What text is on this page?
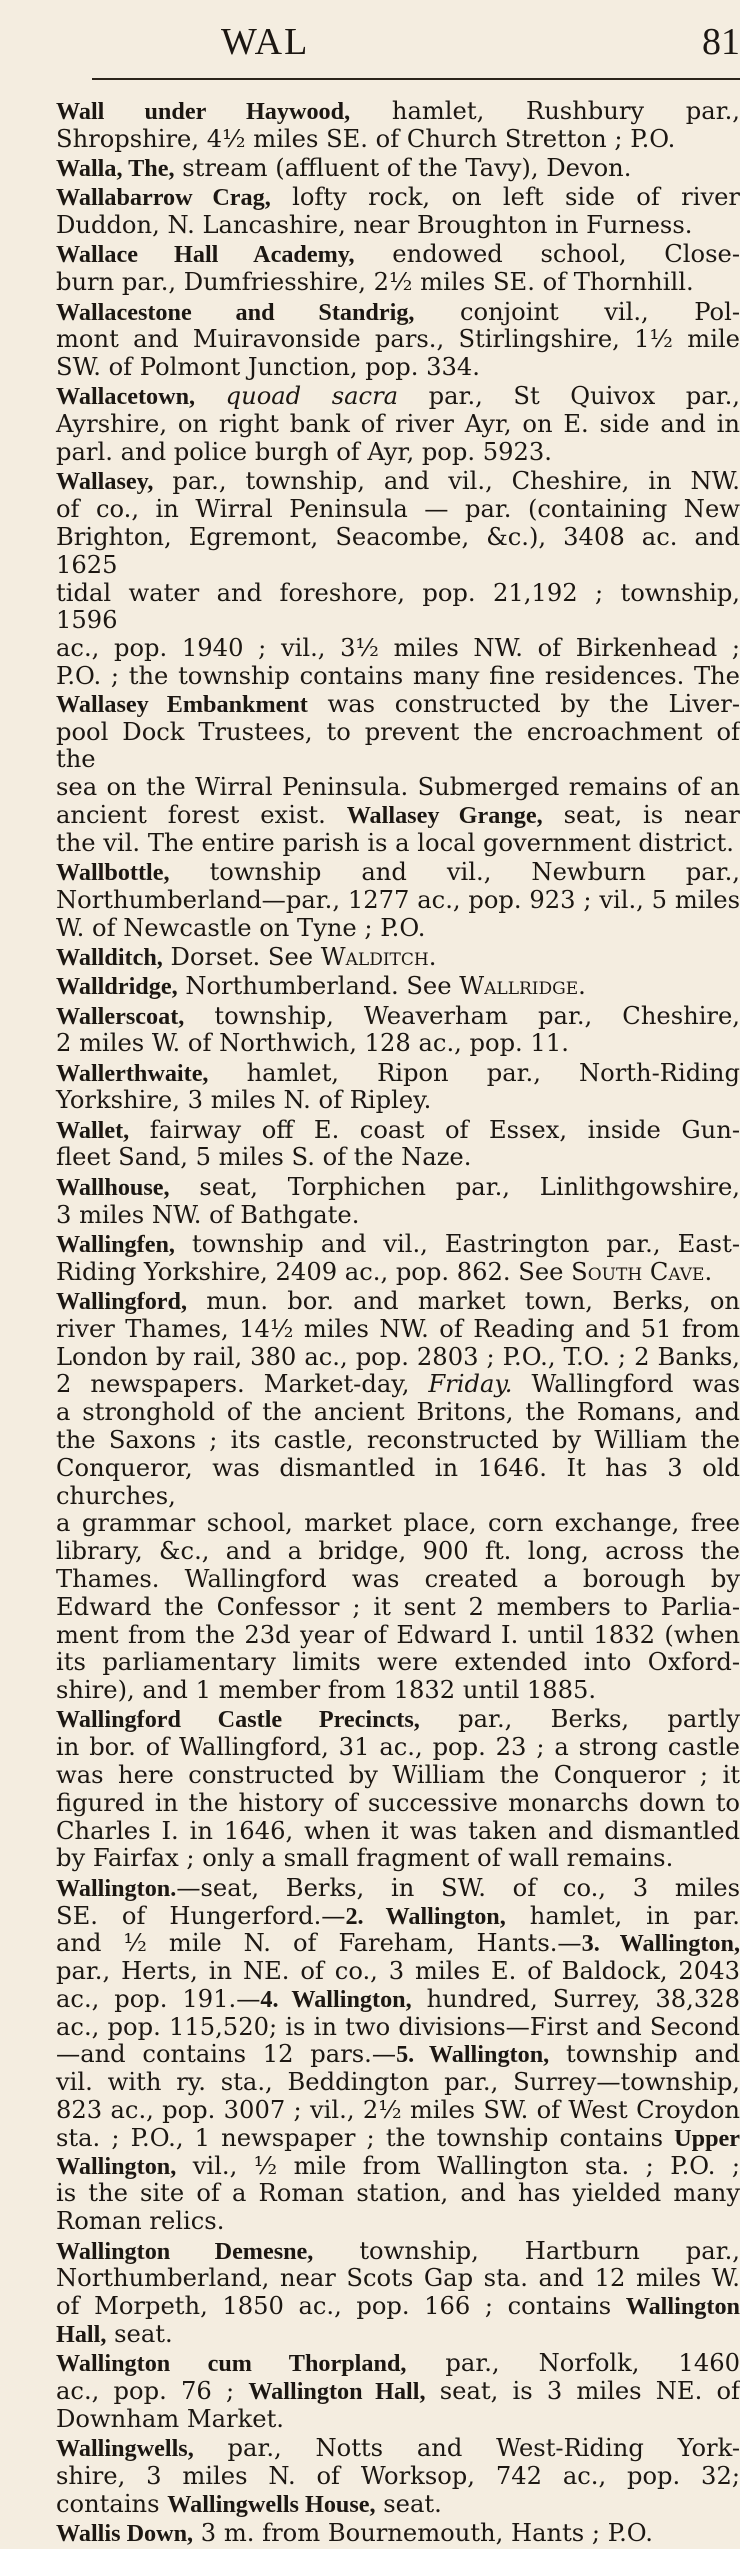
WAL	81
Wall under Haywood, hamlet, Rushbury par.,
Shropshire, 4½ miles SE. of Church Stretton ; P.O.
Walla, The, stream (affluent of the Tavy), Devon.
Wallabarrow Crag, lofty rock, on left side of river
Duddon, N. Lancashire, near Broughton in Furness.
Wallace Hall Academy, endowed school, Close-
burn par., Dumfriesshire, 2½ miles SE. of Thornhill.
Wallacestone and Standrig, conjoint vil., Pol-
mont and Muiravonside pars., Stirlingshire, 1½ mile
SW. of Polmont Junction, pop. 334.
Wallacetown, quoad sacra par., St Quivox par.,
Ayrshire, on right bank of river Ayr, on E. side and in
parl. and police burgh of Ayr, pop. 5923.
Wallasey, par., township, and vil., Cheshire, in NW.
of co., in Wirral Peninsula — par. (containing New
Brighton, Egremont, Seacombe, &c.), 3408 ac. and 1625
tidal water and foreshore, pop. 21,192 ; township, 1596
ac., pop. 1940 ; vil., 3½ miles NW. of Birkenhead ;
P.O. ; the township contains many fine residences. The
Wallasey Embankment was constructed by the Liver-
pool Dock Trustees, to prevent the encroachment of the
sea on the Wirral Peninsula. Submerged remains of an
ancient forest exist. Wallasey Grange, seat, is near
the vil. The entire parish is a local government district.
Wallbottle, township and vil., Newburn par.,
Northumberland—par., 1277 ac., pop. 923 ; vil., 5 miles
W. of Newcastle on Tyne ; P.O.
Wallditch, Dorset. See Walditch.
Walldridge, Northumberland. See Wallridge.
Wallerscoat, township, Weaverham par., Cheshire,
2 miles W. of Northwich, 128 ac., pop. 11.
Wallerthwaite, hamlet, Ripon par., North-Riding
Yorkshire, 3 miles N. of Ripley.
Wallet, fairway off E. coast of Essex, inside Gun-
fleet Sand, 5 miles S. of the Naze.
Wallhouse, seat, Torphichen par., Linlithgowshire,
3 miles NW. of Bathgate.
Wallingfen, township and vil., Eastrington par., East-
Riding Yorkshire, 2409 ac., pop. 862. See South Cave.
Wallingford, mun. bor. and market town, Berks, on
river Thames, 14½ miles NW. of Reading and 51 from
London by rail, 380 ac., pop. 2803 ; P.O., T.O. ; 2 Banks,
2 newspapers. Market-day, Friday. Wallingford was
a stronghold of the ancient Britons, the Romans, and
the Saxons ; its castle, reconstructed by William the
Conqueror, was dismantled in 1646. It has 3 old churches,
a grammar school, market place, corn exchange, free
library, &c., and a bridge, 900 ft. long, across the
Thames. Wallingford was created a borough by
Edward the Confessor ; it sent 2 members to Parlia-
ment from the 23d year of Edward I. until 1832 (when
its parliamentary limits were extended into Oxford-
shire), and 1 member from 1832 until 1885.
Wallingford Castle Precincts, par., Berks, partly
in bor. of Wallingford, 31 ac., pop. 23 ; a strong castle
was here constructed by William the Conqueror ; it
figured in the history of successive monarchs down to
Charles I. in 1646, when it was taken and dismantled
by Fairfax ; only a small fragment of wall remains.
Wallington.—seat, Berks, in SW. of co., 3 miles
SE. of Hungerford.—2. Wallington, hamlet, in par.
and ½ mile N. of Fareham, Hants.—3. Wallington,
par., Herts, in NE. of co., 3 miles E. of Baldock, 2043
ac., pop. 191.—4. Wallington, hundred, Surrey, 38,328
ac., pop. 115,520; is in two divisions—First and Second
—and contains 12 pars.—5. Wallington, township and
vil. with ry. sta., Beddington par., Surrey—township,
823 ac., pop. 3007 ; vil., 2½ miles SW. of West Croydon
sta. ; P.O., 1 newspaper ; the township contains Upper
Wallington, vil., ½ mile from Wallington sta. ; P.O. ;
is the site of a Roman station, and has yielded many
Roman relics.
Wallington Demesne, township, Hartburn par.,
Northumberland, near Scots Gap sta. and 12 miles W.
of Morpeth, 1850 ac., pop. 166 ; contains Wallington
Hall, seat.
Wallington cum Thorpland, par., Norfolk, 1460
ac., pop. 76 ; Wallington Hall, seat, is 3 miles NE. of
Downham Market.
Wallingwells, par., Notts and West-Riding York-
shire, 3 miles N. of Worksop, 742 ac., pop. 32;
contains Wallingwells House, seat.
Wallis Down, 3 m. from Bournemouth, Hants ; P.O.
